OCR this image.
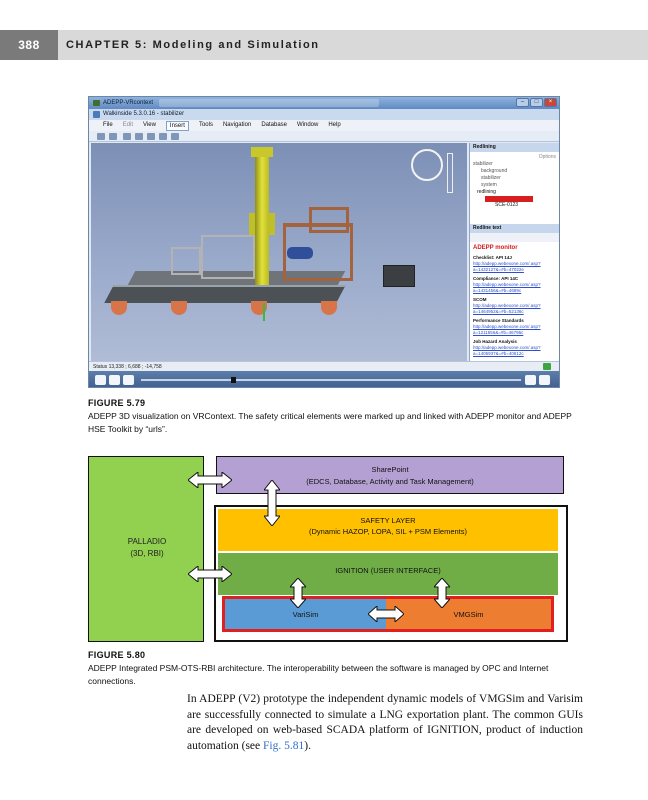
388	CHAPTER 5: Modeling and Simulation
ADEPP-VRcontext	–	□	×
Walkinside 5.3.0.16 - stabilizer
File Edit View	Insert	Tools Navigation Database Window Help
Redlining
Options
stabilizer
background
stabilizer
system
redlining
SCE-0123
Redline text
ADEPP monitor
Checklist: API 14J
http://adepp.webexone.com/.asp?a=1432127&=#b=47022e
Compliance: API 14C
http://adepp.webexone.com/.asp?a=1431456&=#b=4689c
SCOM
http://adepp.webexone.com/.asp?a=1464952&=#b=52136c
Performance Standards
http://adepp.webexone.com/.asp?a=1211656&=#b=46796c
Job Hazard Analysis
http://adepp.webexone.com/.asp?a=1405937&=#b=40612c
Status 13,338 ; 6,688 ; -14,758
FIGURE 5.79
ADEPP 3D visualization on VRContext. The safety critical elements were marked up and linked with ADEPP monitor and ADEPP HSE Toolkit by “urls”.
PALLADIO
(3D, RBI)
SharePoint
(EDCS, Database, Activity and Task Management)
SAFETY LAYER
(Dynamic HAZOP, LOPA, SIL + PSM Elements)
IGNITION (USER INTERFACE)
VariSim	VMGSim
FIGURE 5.80
ADEPP Integrated PSM-OTS-RBI architecture. The interoperability between the software is managed by OPC and Internet connections.
In ADEPP (V2) prototype the independent dynamic models of VMGSim and Varisim are successfully connected to simulate a LNG exportation plant. The common GUIs are developed on web-based SCADA platform of IGNITION, product of induction automation (see Fig. 5.81).
